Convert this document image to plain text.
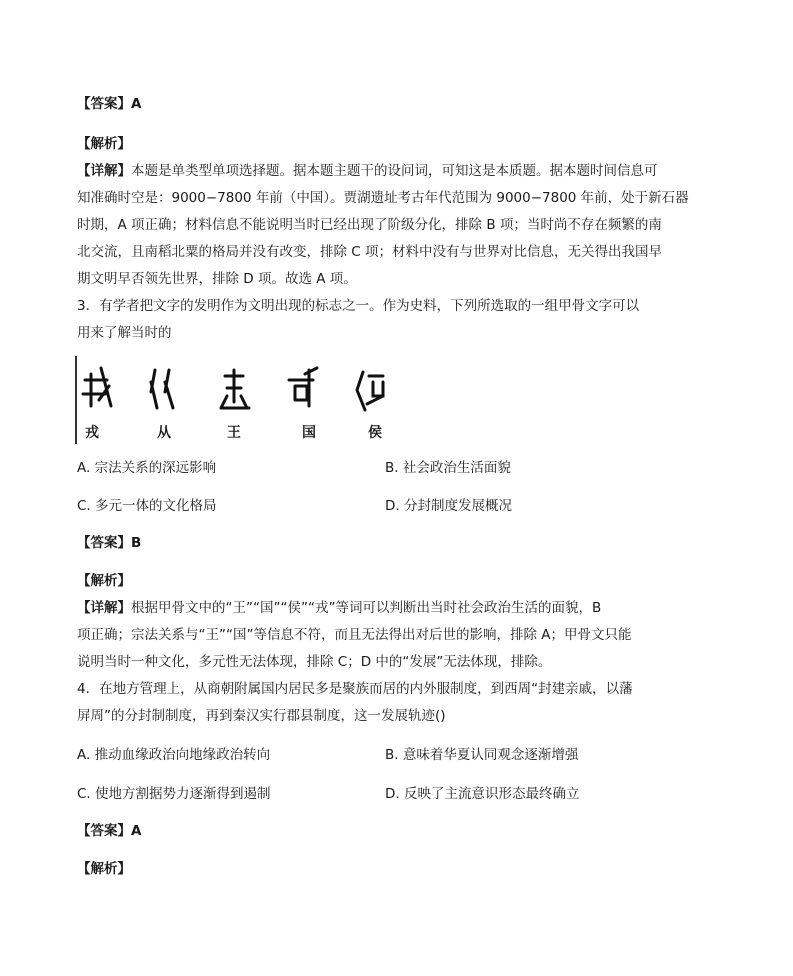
【答案】A
【解析】
【详解】本题是单类型单项选择题。据本题主题干的设问词，可知这是本质题。据本题时间信息可
知准确时空是：9000−7800 年前（中国）。贾湖遗址考古年代范围为 9000−7800 年前，处于新石器
时期，A 项正确；材料信息不能说明当时已经出现了阶级分化，排除 B 项；当时尚不存在频繁的南
北交流，且南稻北粟的格局并没有改变，排除 C 项；材料中没有与世界对比信息，无关得出我国早
期文明早否领先世界，排除 D 项。故选 A 项。
3．有学者把文字的发明作为文明出现的标志之一。作为史料，下列所选取的一组甲骨文字可以
用来了解当时的
戎	从	王	国	侯
A. 宗法关系的深远影响	B. 社会政治生活面貌
C. 多元一体的文化格局	D. 分封制度发展概况
【答案】B
【解析】
【详解】根据甲骨文中的“王”“国”“侯”“戎”等词可以判断出当时社会政治生活的面貌，B
项正确；宗法关系与“王”“国”等信息不符，而且无法得出对后世的影响，排除 A；甲骨文只能
说明当时一种文化，多元性无法体现，排除 C；D 中的“发展”无法体现，排除。
4．在地方管理上，从商朝附属国内居民多是聚族而居的内外服制度，到西周“封建亲戚，以藩
屏周”的分封制制度，再到秦汉实行郡县制度，这一发展轨迹()
A. 推动血缘政治向地缘政治转向	B. 意味着华夏认同观念逐渐增强
C. 使地方割据势力逐渐得到遏制	D. 反映了主流意识形态最终确立
【答案】A
【解析】
